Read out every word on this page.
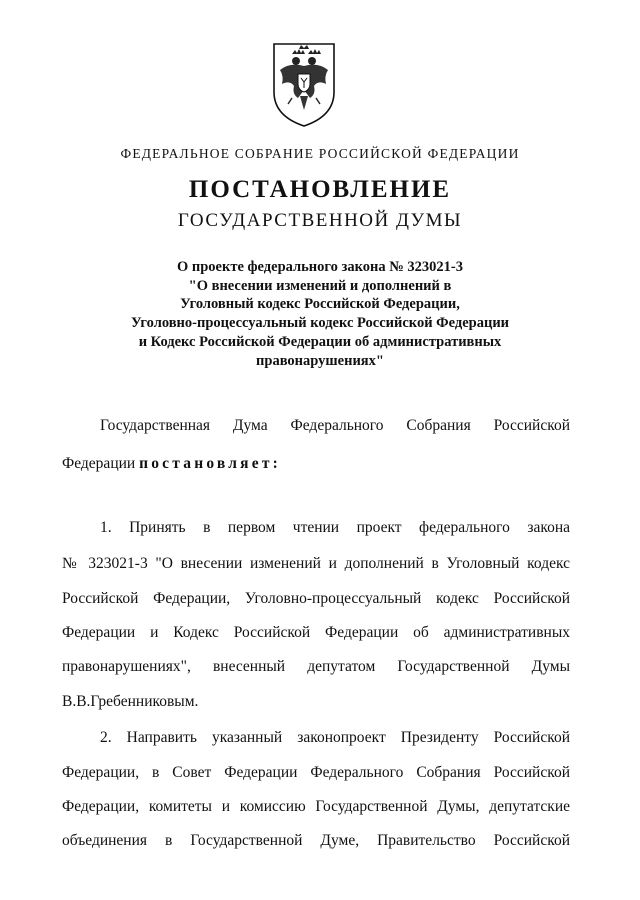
ФЕДЕРАЛЬНОЕ СОБРАНИЕ РОССИЙСКОЙ ФЕДЕРАЦИИ
ПОСТАНОВЛЕНИЕ
ГОСУДАРСТВЕННОЙ ДУМЫ
О проекте федерального закона № 323021-3
"О внесении изменений и дополнений в
Уголовный кодекс Российской Федерации,
Уголовно-процессуальный кодекс Российской Федерации
и Кодекс Российской Федерации об административных
правонарушениях"
Государственная Дума Федерального Собрания Российской
Федерации постановляет:
1. Принять в первом чтении проект федерального закона
№ 323021-3 "О внесении изменений и дополнений в Уголовный кодекс
Российской Федерации, Уголовно-процессуальный кодекс Российской
Федерации и Кодекс Российской Федерации об административных
правонарушениях", внесенный депутатом Государственной Думы
В.В.Гребенниковым.
2. Направить указанный законопроект Президенту Российской
Федерации, в Совет Федерации Федерального Собрания Российской
Федерации, комитеты и комиссию Государственной Думы, депутатские
объединения в Государственной Думе, Правительство Российской
